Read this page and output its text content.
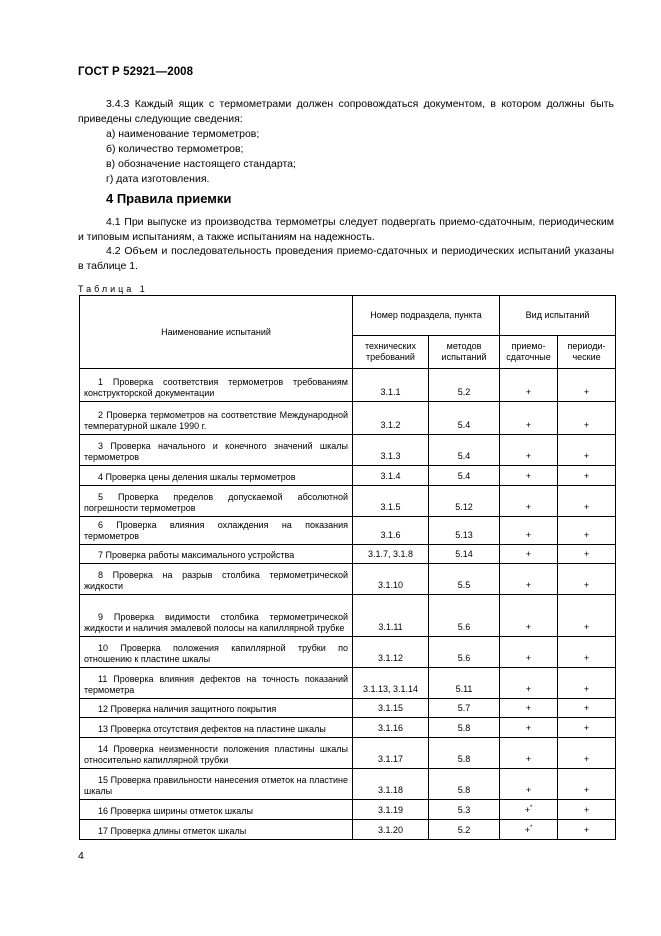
ГОСТ Р 52921—2008
3.4.3 Каждый ящик с термометрами должен сопровождаться документом, в котором должны быть приведены следующие сведения:
а) наименование термометров;
б) количество термометров;
в) обозначение настоящего стандарта;
г) дата изготовления.
4 Правила приемки
4.1 При выпуске из производства термометры следует подвергать приемо-сдаточным, периодическим и типовым испытаниям, а также испытаниям на надежность.
4.2 Объем и последовательность проведения приемо-сдаточных и периодических испытаний указаны в таблице 1.
Таблица 1
Наименование испытаний	Номер подраздела, пункта		Вид испытаний	
	технических требований	методов испытаний	приемо-сдаточные	периоди-ческие
1 Проверка соответствия термометров требованиям конструкторской документации	3.1.1	5.2	+	+
2 Проверка термометров на соответствие Международной температурной шкале 1990 г.	3.1.2	5.4	+	+
3 Проверка начального и конечного значений шкалы термометров	3.1.3	5.4	+	+
4 Проверка цены деления шкалы термометров	3.1.4	5.4	+	+
5 Проверка пределов допускаемой абсолютной погрешности термометров	3.1.5	5.12	+	+
6 Проверка влияния охлаждения на показания термометров	3.1.6	5.13	+	+
7 Проверка работы максимального устройства	3.1.7, 3.1.8	5.14	+	+
8 Проверка на разрыв столбика термометрической жидкости	3.1.10	5.5	+	+
9 Проверка видимости столбика термометрической жидкости и наличия эмалевой полосы на капиллярной трубке	3.1.11	5.6	+	+
10 Проверка положения капиллярной трубки по отношению к пластине шкалы	3.1.12	5.6	+	+
11 Проверка влияния дефектов на точность показаний термометра	3.1.13, 3.1.14	5.11	+	+
12 Проверка наличия защитного покрытия	3.1.15	5.7	+	+
13 Проверка отсутствия дефектов на пластине шкалы	3.1.16	5.8	+	+
14 Проверка неизменности положения пластины шкалы относительно капиллярной трубки	3.1.17	5.8	+	+
15 Проверка правильности нанесения отметок на пластине шкалы	3.1.18	5.8	+	+
16 Проверка ширины отметок шкалы	3.1.19	5.3	+*	+
17 Проверка длины отметок шкалы	3.1.20	5.2	+*	+
4
